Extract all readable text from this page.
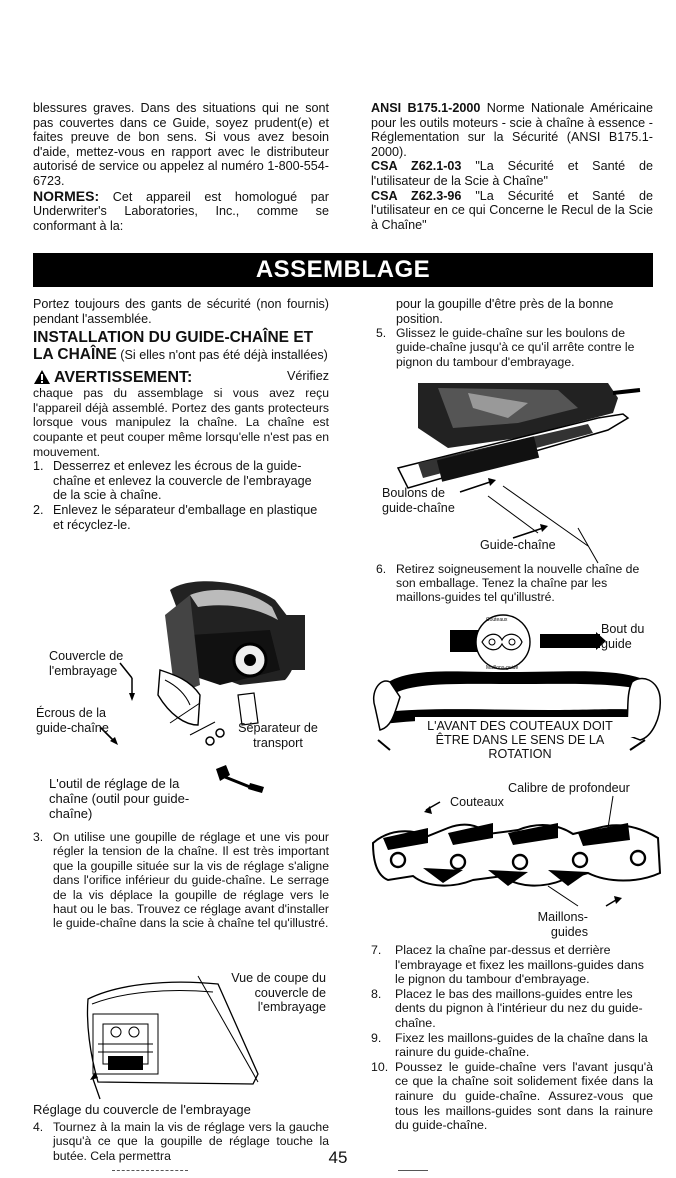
blessures graves. Dans des situations qui ne sont pas couvertes dans ce Guide, soyez prudent(e) et faites preuve de bon sens. Si vous avez besoin d'aide, mettez-vous en rapport avec le distributeur autorisé de service ou appelez al numéro 1-800-554-6723.

NORMES: Cet appareil est homologué par Underwriter's Laboratories, Inc., comme se conformant à la:

ANSI B175.1-2000 Norme Nationale Américaine pour les outils moteurs - scie à chaîne à essence - Réglementation sur la Sécurité (ANSI B175.1-2000).

CSA Z62.1-03 "La Sécurité et Santé de l'utilisateur de la Scie à Chaîne"

CSA Z62.3-96 "La Sécurité et Santé de l'utilisateur en ce qui Concerne le Recul de la Scie à Chaîne"

ASSEMBLAGE

Portez toujours des gants de sécurité (non fournis) pendant l'assemblée.

INSTALLATION DU GUIDE-CHAÎNE ET LA CHAÎNE (Si elles n'ont pas été déjà installées)

AVERTISSEMENT:	Vérifiez

chaque pas du assemblage si vous avez reçu l'appareil déjà assemblé. Portez des gants protecteurs lorsque vous manipulez la chaîne. La chaîne est coupante et peut couper même lorsqu'elle n'est pas en mouvement.

1. Desserrez et enlevez les écrous de la guide-chaîne et enlevez la couvercle de l'embrayage de la scie à chaîne.
2. Enlevez le séparateur d'emballage en plastique et récyclez-le.
Couvercle de l'embrayage
Écrous de la guide-chaîne	Séparateur de transport
L'outil de réglage de la chaîne (outil pour guide-chaîne)
3. On utilise une goupille de réglage et une vis pour régler la tension de la chaîne. Il est très important que la goupille située sur la vis de réglage s'aligne dans l'orifice inférieur du guide-chaîne. Le serrage de la vis déplace la goupille de réglage vers le haut ou le bas. Trouvez ce réglage avant d'installer le guide-chaîne dans la scie à chaîne tel qu'illustré.
Vue de coupe du couvercle de l'embrayage
Réglage du couvercle de l'embrayage
4. Tournez à la main la vis de réglage vers la gauche jusqu'à ce que la goupille de réglage touche la butée. Cela permettra

pour la goupille d'être près de la bonne position.

5. Glissez le guide-chaîne sur les boulons de guide-chaîne jusqu'à ce qu'il arrête contre le pignon du tambour d'embrayage.
Boulons de guide-chaîne
Guide-chaîne
6. Retirez soigneusement la nouvelle chaîne de son emballage. Tenez la chaîne par les maillons-guides tel qu'illustré.
Couteaux
Maillons-guide
Bout du guide
L'AVANT DES COUTEAUX DOIT ÊTRE DANS LE SENS DE LA ROTATION
Calibre de profondeur
Couteaux
Maillons-guides
7. Placez la chaîne par-dessus et derrière l'embrayage et fixez les maillons-guides dans le pignon du tambour d'embrayage.
8. Placez le bas des maillons-guides entre les dents du pignon à l'intérieur du nez du guide-chaîne.
9. Fixez les maillons-guides de la chaîne dans la rainure du guide-chaîne.
10. Poussez le guide-chaîne vers l'avant jusqu'à ce que la chaîne soit solidement fixée dans la rainure du guide-chaîne. Assurez-vous que tous les maillons-guides sont dans la rainure du guide-chaîne.
45
